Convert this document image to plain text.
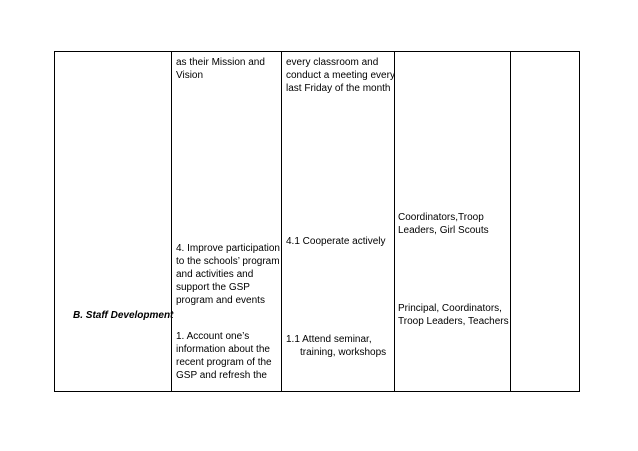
B. Staff Development
as their Mission and
Vision
4. Improve participation
to the schools’ program
and activities and
support the GSP
program and events
1. Account one’s
information about the
recent program of the
GSP and refresh the
every classroom and
conduct a meeting every
last Friday of the month
4.1 Cooperate actively
1.1 Attend seminar,
training, workshops
Coordinators,Troop
Leaders, Girl Scouts
Principal, Coordinators,
Troop Leaders, Teachers
